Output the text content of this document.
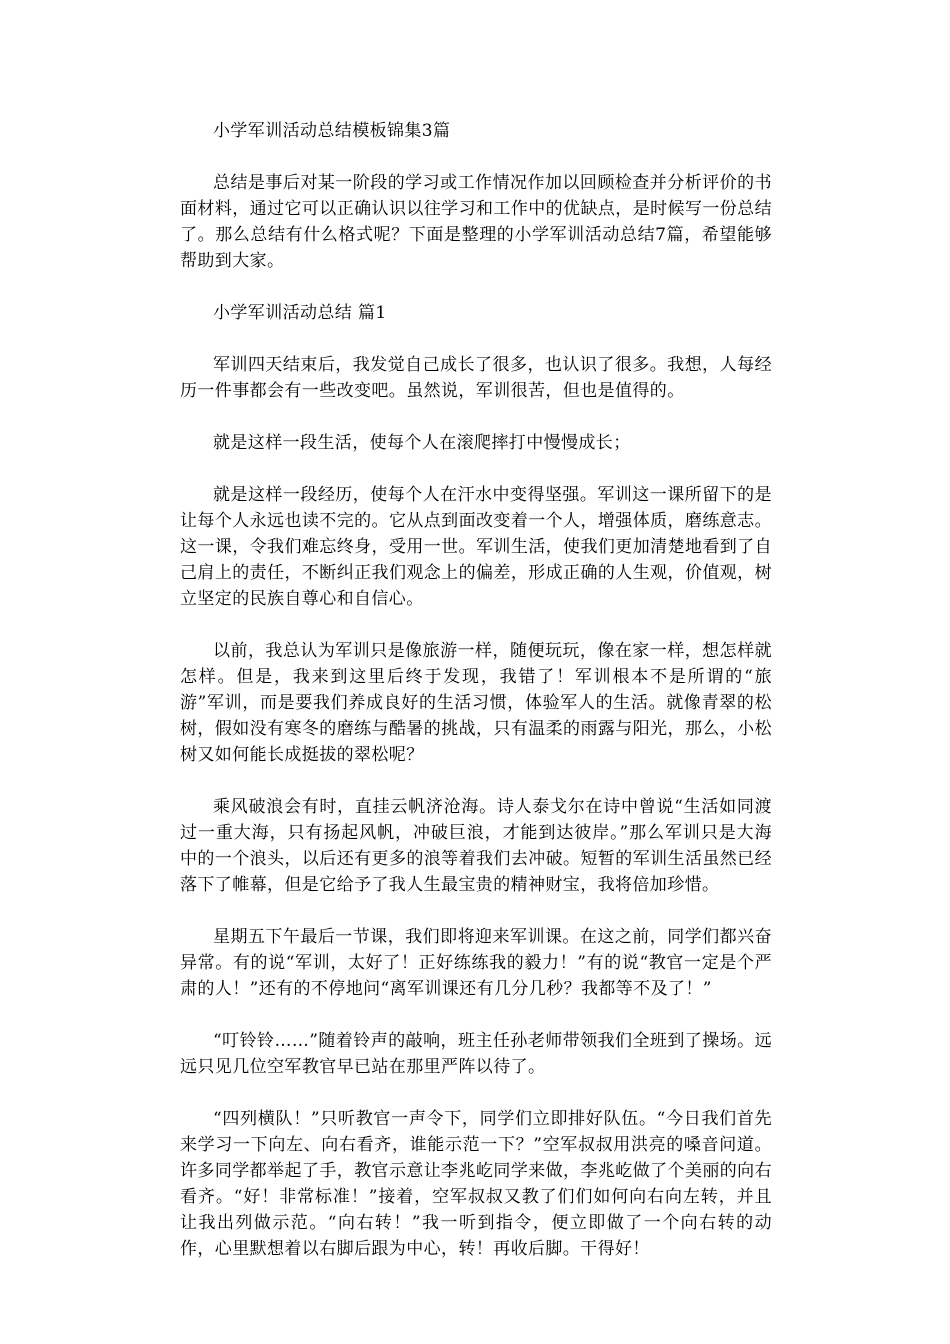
小学军训活动总结模板锦集3篇

总结是事后对某一阶段的学习或工作情况作加以回顾检查并分析评价的书面材料，通过它可以正确认识以往学习和工作中的优缺点，是时候写一份总结了。那么总结有什么格式呢？下面是整理的小学军训活动总结7篇，希望能够帮助到大家。

小学军训活动总结 篇1

军训四天结束后，我发觉自己成长了很多，也认识了很多。我想，人每经历一件事都会有一些改变吧。虽然说，军训很苦，但也是值得的。

就是这样一段生活，使每个人在滚爬摔打中慢慢成长；

就是这样一段经历，使每个人在汗水中变得坚强。军训这一课所留下的是让每个人永远也读不完的。它从点到面改变着一个人，增强体质，磨练意志。这一课，令我们难忘终身，受用一世。军训生活，使我们更加清楚地看到了自己肩上的责任，不断纠正我们观念上的偏差，形成正确的人生观，价值观，树立坚定的民族自尊心和自信心。

以前，我总认为军训只是像旅游一样，随便玩玩，像在家一样，想怎样就怎样。但是，我来到这里后终于发现，我错了！军训根本不是所谓的“旅游”军训，而是要我们养成良好的生活习惯，体验军人的生活。就像青翠的松树，假如没有寒冬的磨练与酷暑的挑战，只有温柔的雨露与阳光，那么，小松树又如何能长成挺拔的翠松呢？

乘风破浪会有时，直挂云帆济沧海。诗人泰戈尔在诗中曾说“生活如同渡过一重大海，只有扬起风帆，冲破巨浪，才能到达彼岸。”那么军训只是大海中的一个浪头，以后还有更多的浪等着我们去冲破。短暂的军训生活虽然已经落下了帷幕，但是它给予了我人生最宝贵的精神财宝，我将倍加珍惜。

星期五下午最后一节课，我们即将迎来军训课。在这之前，同学们都兴奋异常。有的说“军训，太好了！正好练练我的毅力！”有的说“教官一定是个严肃的人！”还有的不停地问“离军训课还有几分几秒？我都等不及了！”

“叮铃铃……”随着铃声的敲响，班主任孙老师带领我们全班到了操场。远远只见几位空军教官早已站在那里严阵以待了。

“四列横队！”只听教官一声令下，同学们立即排好队伍。“今日我们首先来学习一下向左、向右看齐，谁能示范一下？”空军叔叔用洪亮的嗓音问道。许多同学都举起了手，教官示意让李兆屹同学来做，李兆屹做了个美丽的向右看齐。“好！非常标准！”接着，空军叔叔又教了们们如何向右向左转，并且让我出列做示范。“向右转！”我一听到指令，便立即做了一个向右转的动作，心里默想着以右脚后跟为中心，转！再收后脚。干得好！
